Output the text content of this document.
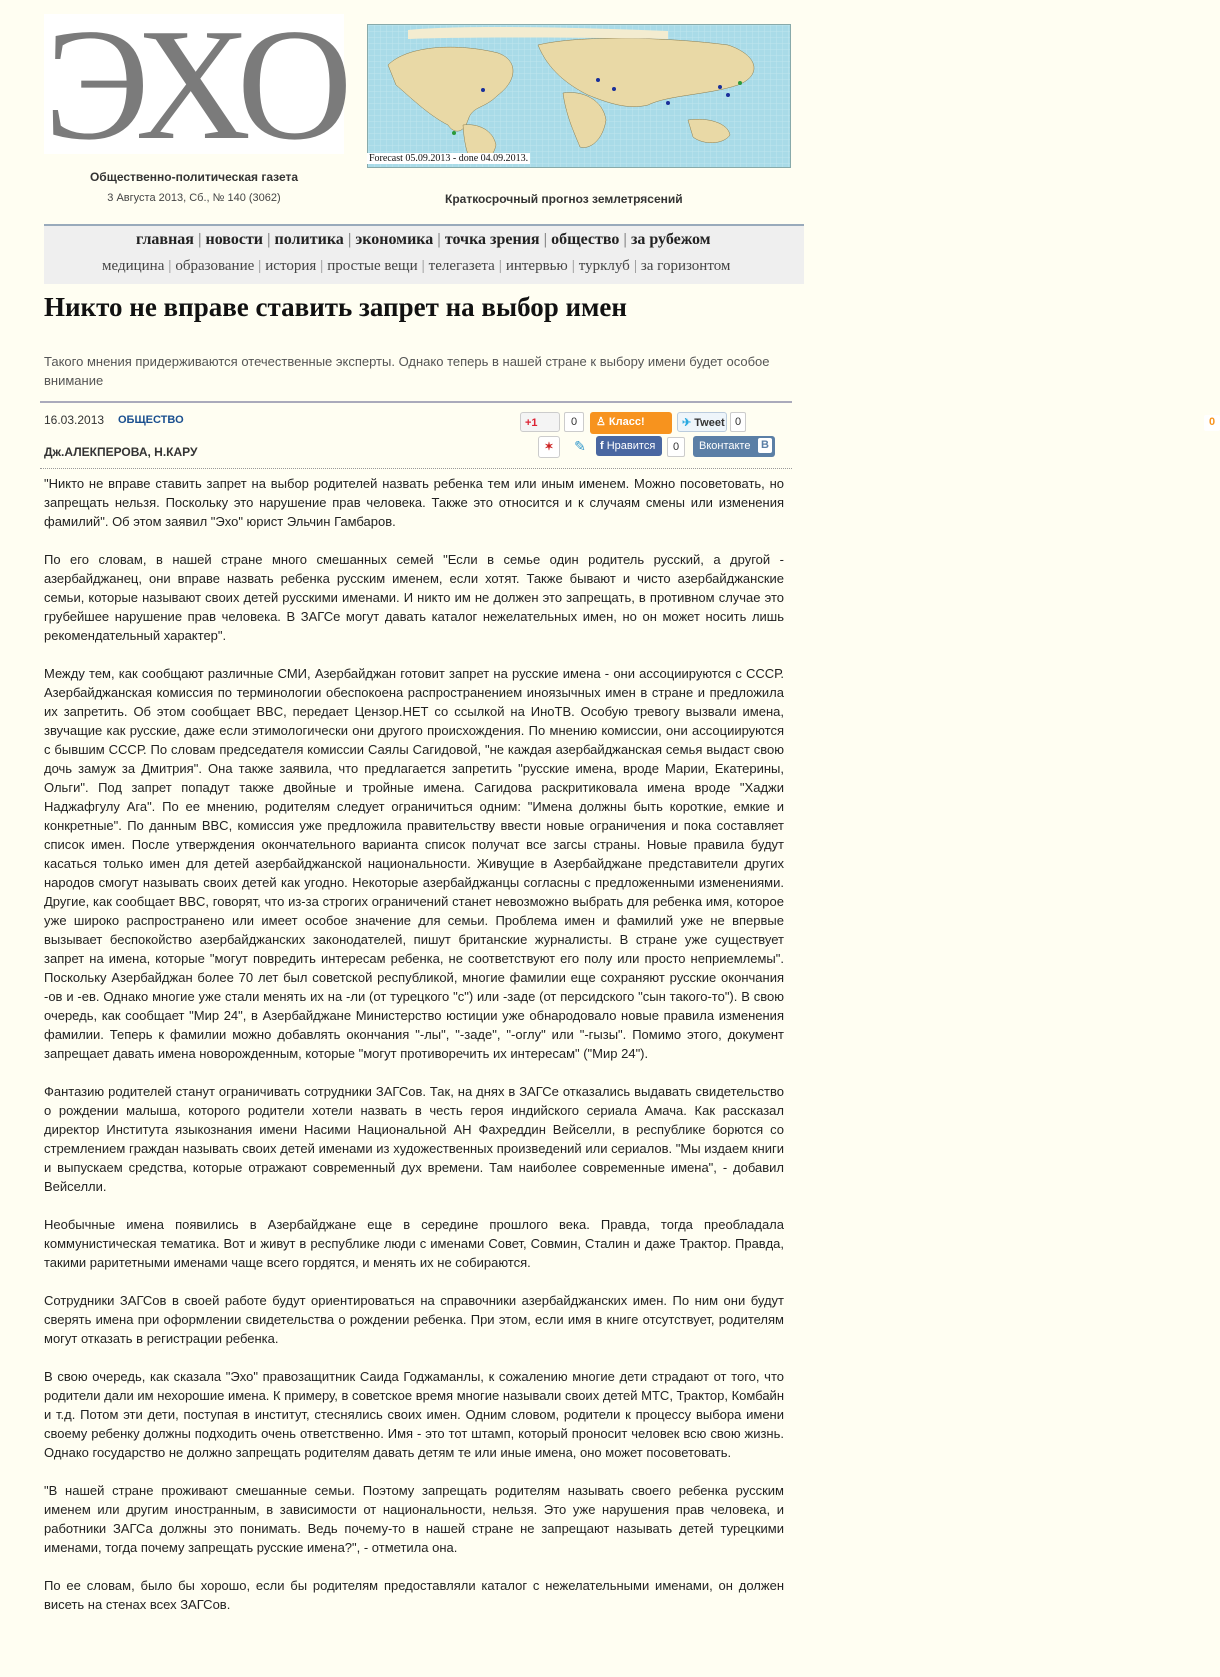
ЭХО
Общественно-политическая газета
3 Августа 2013, Сб., № 140 (3062)
Forecast 05.09.2013 - done 04.09.2013.
Краткосрочный прогноз землетрясений
главная | новости | политика | экономика | точка зрения | общество | за рубежом
медицина | образование | история | простые вещи | телегазета | интервью | турклуб | за горизонтом
Никто не вправе ставить запрет на выбор имен
Такого мнения придерживаются отечественные эксперты. Однако теперь в нашей стране к выбору имени будет особое внимание
16.03.2013 ОБЩЕСТВО
Дж.АЛЕКПЕРОВА, Н.КАРУ
+1	0	♙ Класс!	0
✈ Tweet 0
✶	✎	f Нравится	0	Вконтакте В

"Никто не вправе ставить запрет на выбор родителей назвать ребенка тем или иным именем. Можно посоветовать, но запрещать нельзя. Поскольку это нарушение прав человека. Также это относится и к случаям смены или изменения фамилий". Об этом заявил "Эхо" юрист Эльчин Гамбаров.

По его словам, в нашей стране много смешанных семей "Если в семье один родитель русский, а другой - азербайджанец, они вправе назвать ребенка русским именем, если хотят. Также бывают и чисто азербайджанские семьи, которые называют своих детей русскими именами. И никто им не должен это запрещать, в противном случае это грубейшее нарушение прав человека. В ЗАГСе могут давать каталог нежелательных имен, но он может носить лишь рекомендательный характер".

Между тем, как сообщают различные СМИ, Азербайджан готовит запрет на русские имена - они ассоциируются с СССР. Азербайджанская комиссия по терминологии обеспокоена распространением иноязычных имен в стране и предложила их запретить. Об этом сообщает BBC, передает Цензор.НЕТ со ссылкой на ИноТВ. Особую тревогу вызвали имена, звучащие как русские, даже если этимологически они другого происхождения. По мнению комиссии, они ассоциируются с бывшим СССР. По словам председателя комиссии Саялы Сагидовой, "не каждая азербайджанская семья выдаст свою дочь замуж за Дмитрия". Она также заявила, что предлагается запретить "русские имена, вроде Марии, Екатерины, Ольги". Под запрет попадут также двойные и тройные имена. Сагидова раскритиковала имена вроде "Хаджи Наджафгулу Ага". По ее мнению, родителям следует ограничиться одним: "Имена должны быть короткие, емкие и конкретные". По данным BBC, комиссия уже предложила правительству ввести новые ограничения и пока составляет список имен. После утверждения окончательного варианта список получат все загсы страны. Новые правила будут касаться только имен для детей азербайджанской национальности. Живущие в Азербайджане представители других народов смогут называть своих детей как угодно. Некоторые азербайджанцы согласны с предложенными изменениями. Другие, как сообщает BBC, говорят, что из-за строгих ограничений станет невозможно выбрать для ребенка имя, которое уже широко распространено или имеет особое значение для семьи. Проблема имен и фамилий уже не впервые вызывает беспокойство азербайджанских законодателей, пишут британские журналисты. В стране уже существует запрет на имена, которые "могут повредить интересам ребенка, не соответствуют его полу или просто неприемлемы". Поскольку Азербайджан более 70 лет был советской республикой, многие фамилии еще сохраняют русские окончания -ов и -ев. Однако многие уже стали менять их на -ли (от турецкого "с") или -заде (от персидского "сын такого-то"). В свою очередь, как сообщает "Мир 24", в Азербайджане Министерство юстиции уже обнародовало новые правила изменения фамилии. Теперь к фамилии можно добавлять окончания "-лы", "-заде", "-оглу" или "-гызы". Помимо этого, документ запрещает давать имена новорожденным, которые "могут противоречить их интересам" ("Мир 24").

Фантазию родителей станут ограничивать сотрудники ЗАГСов. Так, на днях в ЗАГСе отказались выдавать свидетельство о рождении малыша, которого родители хотели назвать в честь героя индийского сериала Амача. Как рассказал директор Института языкознания имени Насими Национальной АН Фахреддин Вейселли, в республике борются со стремлением граждан называть своих детей именами из художественных произведений или сериалов. "Мы издаем книги и выпускаем средства, которые отражают современный дух времени. Там наиболее современные имена", - добавил Вейселли.

Необычные имена появились в Азербайджане еще в середине прошлого века. Правда, тогда преобладала коммунистическая тематика. Вот и живут в республике люди с именами Совет, Совмин, Сталин и даже Трактор. Правда, такими раритетными именами чаще всего гордятся, и менять их не собираются.

Сотрудники ЗАГСов в своей работе будут ориентироваться на справочники азербайджанских имен. По ним они будут сверять имена при оформлении свидетельства о рождении ребенка. При этом, если имя в книге отсутствует, родителям могут отказать в регистрации ребенка.

В свою очередь, как сказала "Эхо" правозащитник Саида Годжаманлы, к сожалению многие дети страдают от того, что родители дали им нехорошие имена. К примеру, в советское время многие называли своих детей МТС, Трактор, Комбайн и т.д. Потом эти дети, поступая в институт, стеснялись своих имен. Одним словом, родители к процессу выбора имени своему ребенку должны подходить очень ответственно. Имя - это тот штамп, который проносит человек всю свою жизнь. Однако государство не должно запрещать родителям давать детям те или иные имена, оно может посоветовать.

"В нашей стране проживают смешанные семьи. Поэтому запрещать родителям называть своего ребенка русским именем или другим иностранным, в зависимости от национальности, нельзя. Это уже нарушения прав человека, и работники ЗАГСа должны это понимать. Ведь почему-то в нашей стране не запрещают называть детей турецкими именами, тогда почему запрещать русские имена?", - отметила она.

По ее словам, было бы хорошо, если бы родителям предоставляли каталог с нежелательными именами, он должен висеть на стенах всех ЗАГСов.
